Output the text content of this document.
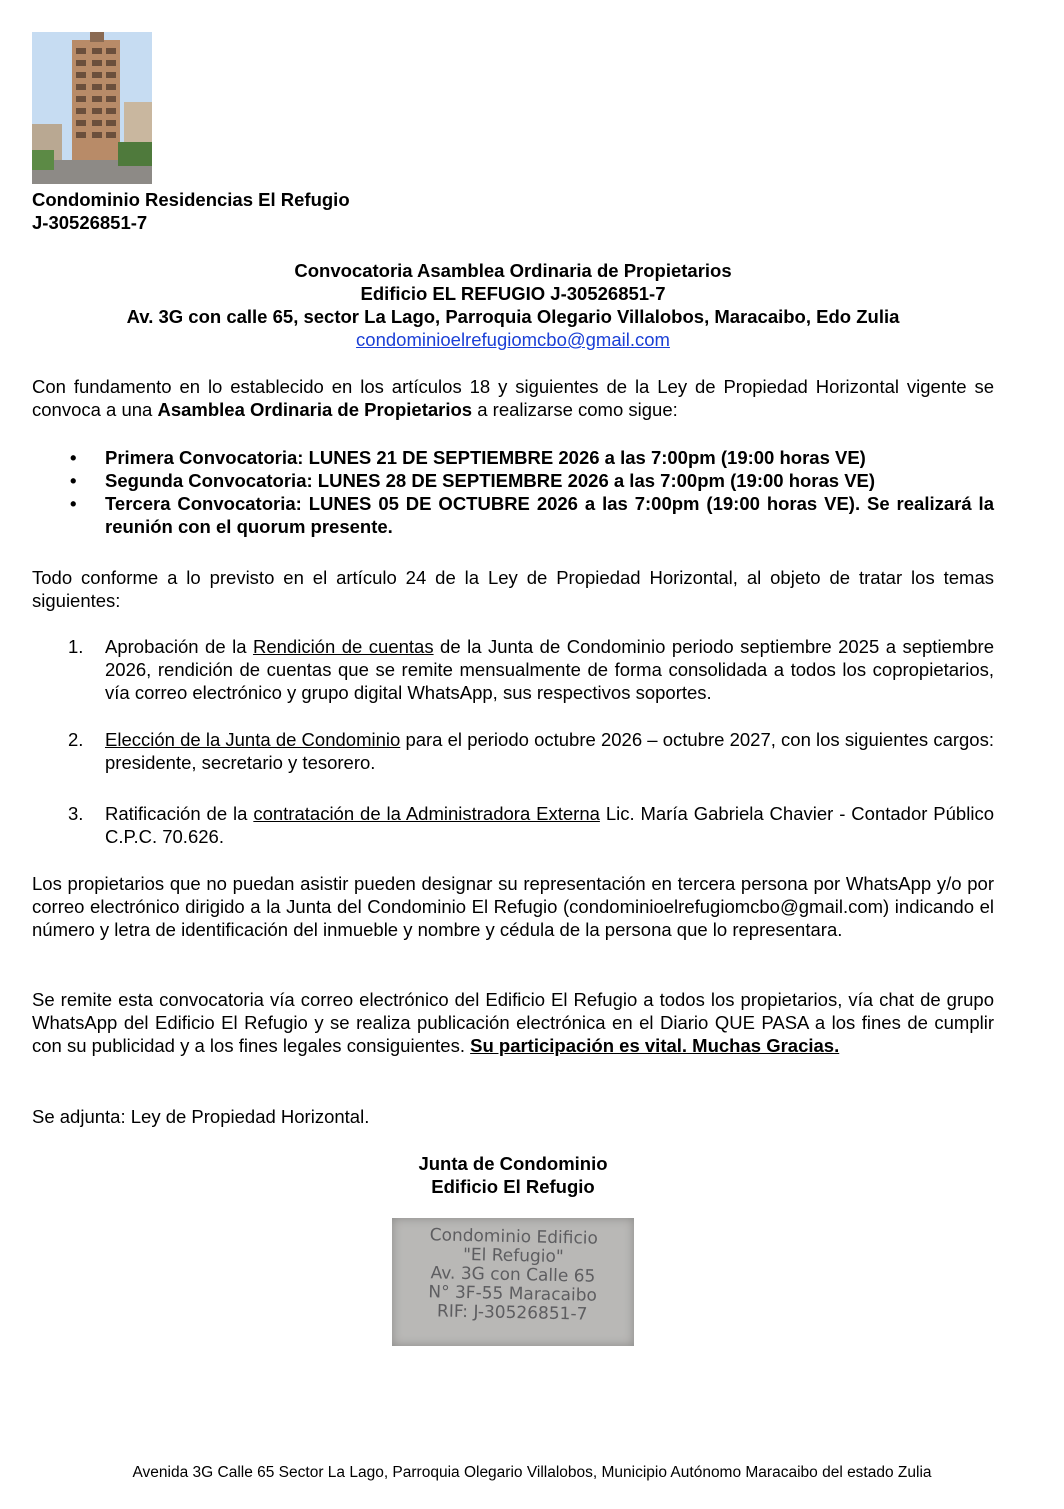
Condominio Residencias El Refugio
J-30526851-7
Convocatoria Asamblea Ordinaria de Propietarios
Edificio EL REFUGIO J-30526851-7
Av. 3G con calle 65, sector La Lago, Parroquia Olegario Villalobos, Maracaibo, Edo Zulia
condominioelrefugiomcbo@gmail.com
Con fundamento en lo establecido en los artículos 18 y siguientes de la Ley de Propiedad Horizontal vigente se convoca a una Asamblea Ordinaria de Propietarios a realizarse como sigue:
• Primera Convocatoria: LUNES 21 DE SEPTIEMBRE 2026 a las 7:00pm (19:00 horas VE)
• Segunda Convocatoria: LUNES 28 DE SEPTIEMBRE 2026 a las 7:00pm (19:00 horas VE)
• Tercera Convocatoria: LUNES 05 DE OCTUBRE 2026 a las 7:00pm (19:00 horas VE). Se realizará la reunión con el quorum presente.
Todo conforme a lo previsto en el artículo 24 de la Ley de Propiedad Horizontal, al objeto de tratar los temas siguientes:
1. Aprobación de la Rendición de cuentas de la Junta de Condominio periodo septiembre 2025 a septiembre 2026, rendición de cuentas que se remite mensualmente de forma consolidada a todos los copropietarios, vía correo electrónico y grupo digital WhatsApp, sus respectivos soportes.
2. Elección de la Junta de Condominio para el periodo octubre 2026 – octubre 2027, con los siguientes cargos: presidente, secretario y tesorero.
3. Ratificación de la contratación de la Administradora Externa Lic. María Gabriela Chavier - Contador Público C.P.C. 70.626.
Los propietarios que no puedan asistir pueden designar su representación en tercera persona por WhatsApp y/o por correo electrónico dirigido a la Junta del Condominio El Refugio (condominioelrefugiomcbo@gmail.com) indicando el número y letra de identificación del inmueble y nombre y cédula de la persona que lo representara.
Se remite esta convocatoria vía correo electrónico del Edificio El Refugio a todos los propietarios, vía chat de grupo WhatsApp del Edificio El Refugio y se realiza publicación electrónica en el Diario QUE PASA a los fines de cumplir con su publicidad y a los fines legales consiguientes. Su participación es vital. Muchas Gracias.
Se adjunta: Ley de Propiedad Horizontal.
Junta de Condominio
Edificio El Refugio
Condominio Edificio
"El Refugio"
Av. 3G con Calle 65
N° 3F-55 Maracaibo
RIF: J-30526851-7
Avenida 3G Calle 65 Sector La Lago, Parroquia Olegario Villalobos, Municipio Autónomo Maracaibo del estado Zulia
